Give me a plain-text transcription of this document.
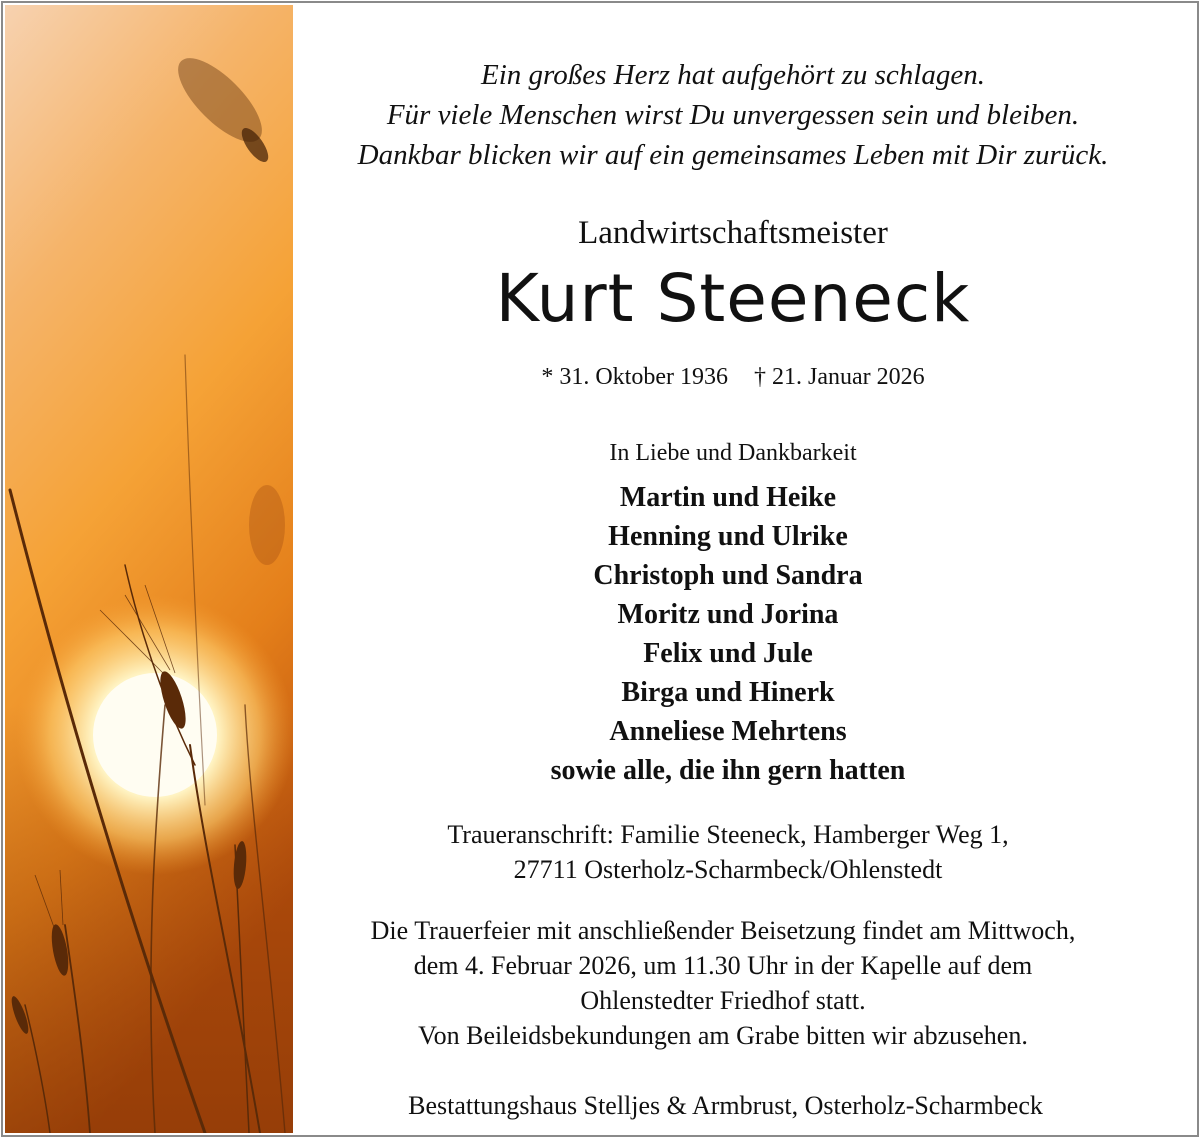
Ein großes Herz hat aufgehört zu schlagen.
Für viele Menschen wirst Du unvergessen sein und bleiben.
Dankbar blicken wir auf ein gemeinsames Leben mit Dir zurück.
Landwirtschaftsmeister
Kurt Steeneck
* 31. Oktober 1936 † 21. Januar 2026
In Liebe und Dankbarkeit
Martin und Heike
Henning und Ulrike
Christoph und Sandra
Moritz und Jorina
Felix und Jule
Birga und Hinerk
Anneliese Mehrtens
sowie alle, die ihn gern hatten
Traueranschrift: Familie Steeneck, Hamberger Weg 1,
27711 Osterholz-Scharmbeck/Ohlenstedt
Die Trauerfeier mit anschließender Beisetzung findet am Mittwoch,
dem 4. Februar 2026, um 11.30 Uhr in der Kapelle auf dem
Ohlenstedter Friedhof statt.
Von Beileidsbekundungen am Grabe bitten wir abzusehen.
Bestattungshaus Stelljes & Armbrust, Osterholz-Scharmbeck
